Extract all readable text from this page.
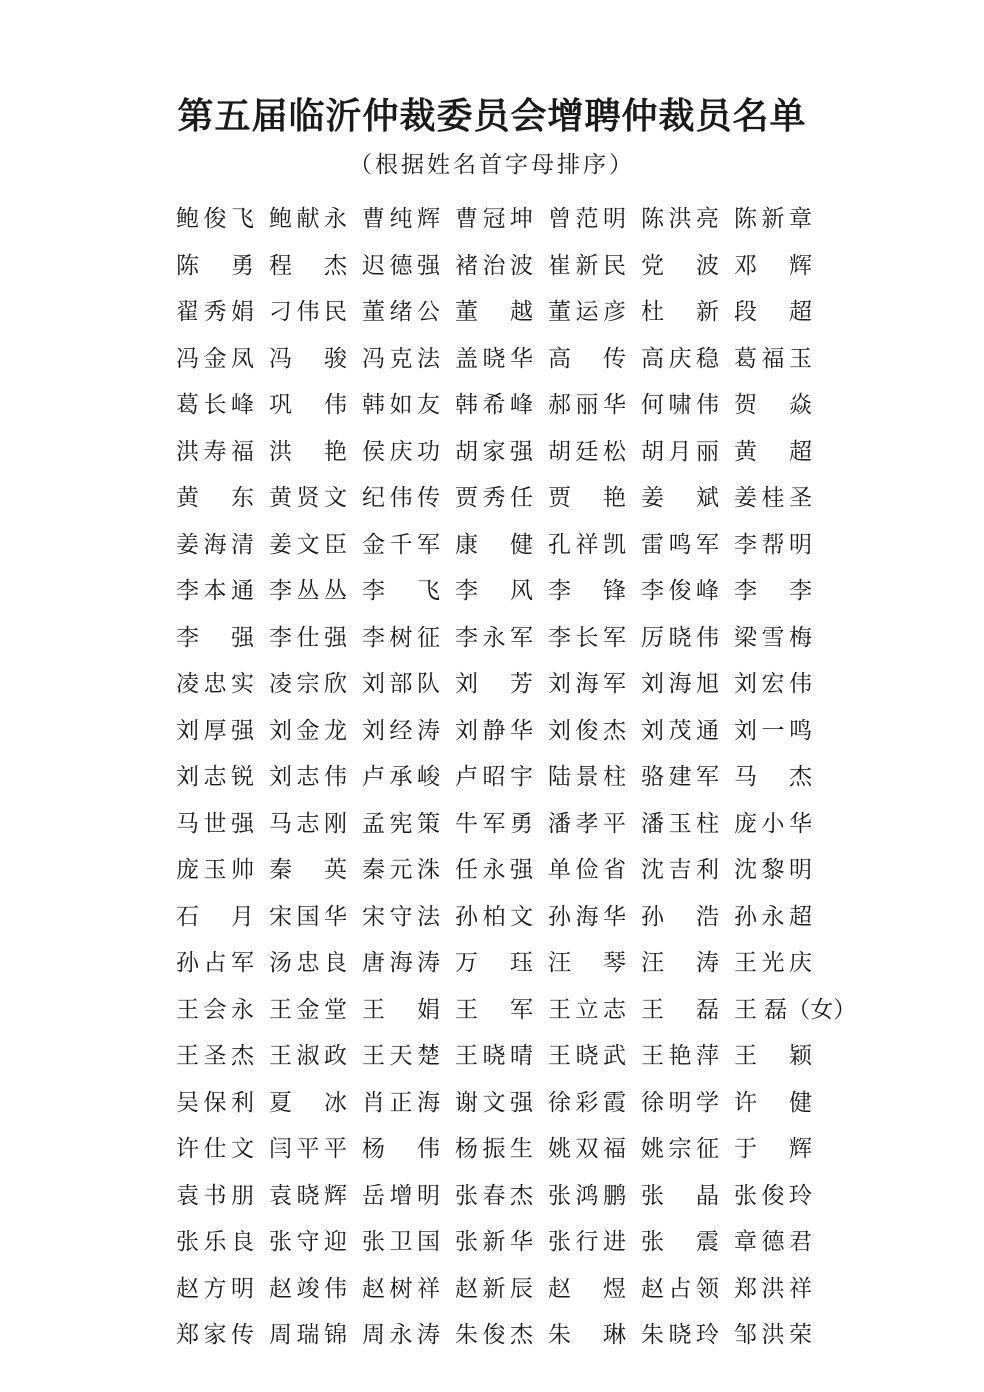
第五届临沂仲裁委员会增聘仲裁员名单
（根据姓名首字母排序）
鲍俊飞 鲍献永 曹纯辉 曹冠坤 曾范明 陈洪亮 陈新章
陈 勇 程 杰 迟德强 褚治波 崔新民 党 波 邓 辉
翟秀娟 刁伟民 董绪公 董 越 董运彦 杜 新 段 超
冯金凤 冯 骏 冯克法 盖晓华 高 传 高庆稳 葛福玉
葛长峰 巩 伟 韩如友 韩希峰 郝丽华 何啸伟 贺 焱
洪寿福 洪 艳 侯庆功 胡家强 胡廷松 胡月丽 黄 超
黄 东 黄贤文 纪伟传 贾秀任 贾 艳 姜 斌 姜桂圣
姜海清 姜文臣 金千军 康 健 孔祥凯 雷鸣军 李帮明
李本通 李丛丛 李 飞 李 风 李 锋 李俊峰 李 李
李 强 李仕强 李树征 李永军 李长军 厉晓伟 梁雪梅
凌忠实 凌宗欣 刘部队 刘 芳 刘海军 刘海旭 刘宏伟
刘厚强 刘金龙 刘经涛 刘静华 刘俊杰 刘茂通 刘一鸣
刘志锐 刘志伟 卢承峻 卢昭宇 陆景柱 骆建军 马 杰
马世强 马志刚 孟宪策 牛军勇 潘孝平 潘玉柱 庞小华
庞玉帅 秦 英 秦元洙 任永强 单俭省 沈吉利 沈黎明
石 月 宋国华 宋守法 孙柏文 孙海华 孙 浩 孙永超
孙占军 汤忠良 唐海涛 万 珏 汪 琴 汪 涛 王光庆
王会永 王金堂 王 娟 王 军 王立志 王 磊 王 磊（女）
王圣杰 王淑政 王天楚 王晓晴 王晓武 王艳萍 王 颖
吴保利 夏 冰 肖正海 谢文强 徐彩霞 徐明学 许 健
许仕文 闫平平 杨 伟 杨振生 姚双福 姚宗征 于 辉
袁书朋 袁晓辉 岳增明 张春杰 张鸿鹏 张 晶 张俊玲
张乐良 张守迎 张卫国 张新华 张行进 张 震 章德君
赵方明 赵竣伟 赵树祥 赵新辰 赵 煜 赵占领 郑洪祥
郑家传 周瑞锦 周永涛 朱俊杰 朱 琳 朱晓玲 邹洪荣
